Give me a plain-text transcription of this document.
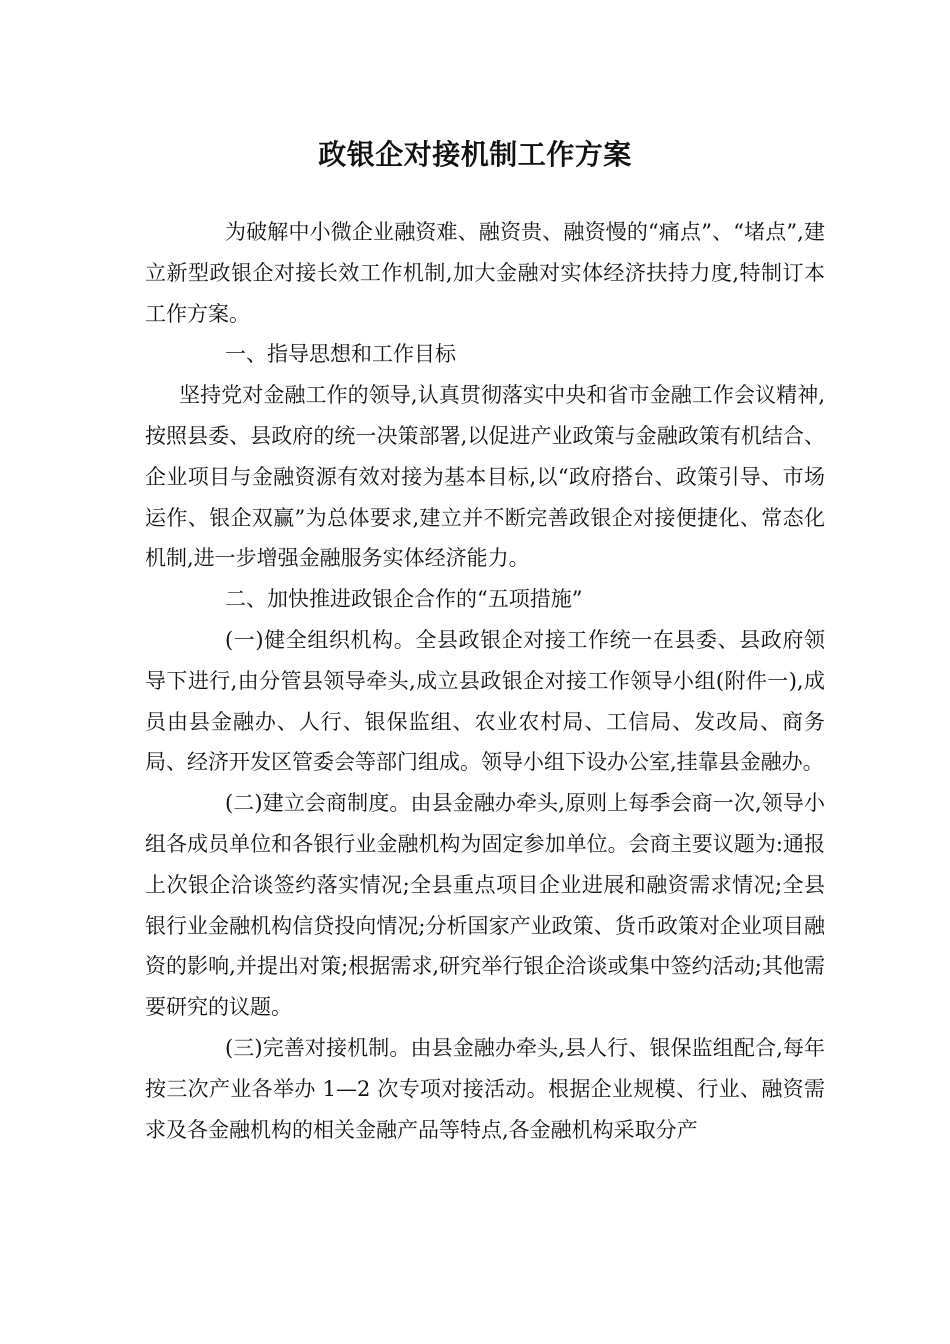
政银企对接机制工作方案

为破解中小微企业融资难、融资贵、融资慢的“痛点”、“堵点”,建立新型政银企对接长效工作机制,加大金融对实体经济扶持力度,特制订本工作方案。

一、指导思想和工作目标

坚持党对金融工作的领导,认真贯彻落实中央和省市金融工作会议精神,按照县委、县政府的统一决策部署,以促进产业政策与金融政策有机结合、企业项目与金融资源有效对接为基本目标,以“政府搭台、政策引导、市场运作、银企双赢”为总体要求,建立并不断完善政银企对接便捷化、常态化机制,进一步增强金融服务实体经济能力。

二、加快推进政银企合作的“五项措施”

(一)健全组织机构。全县政银企对接工作统一在县委、县政府领导下进行,由分管县领导牵头,成立县政银企对接工作领导小组(附件一),成员由县金融办、人行、银保监组、农业农村局、工信局、发改局、商务局、经济开发区管委会等部门组成。领导小组下设办公室,挂靠县金融办。

(二)建立会商制度。由县金融办牵头,原则上每季会商一次,领导小组各成员单位和各银行业金融机构为固定参加单位。会商主要议题为:通报上次银企洽谈签约落实情况;全县重点项目企业进展和融资需求情况;全县银行业金融机构信贷投向情况;分析国家产业政策、货币政策对企业项目融资的影响,并提出对策;根据需求,研究举行银企洽谈或集中签约活动;其他需要研究的议题。

(三)完善对接机制。由县金融办牵头,县人行、银保监组配合,每年按三次产业各举办 1—2 次专项对接活动。根据企业规模、行业、融资需求及各金融机构的相关金融产品等特点,各金融机构采取分产
